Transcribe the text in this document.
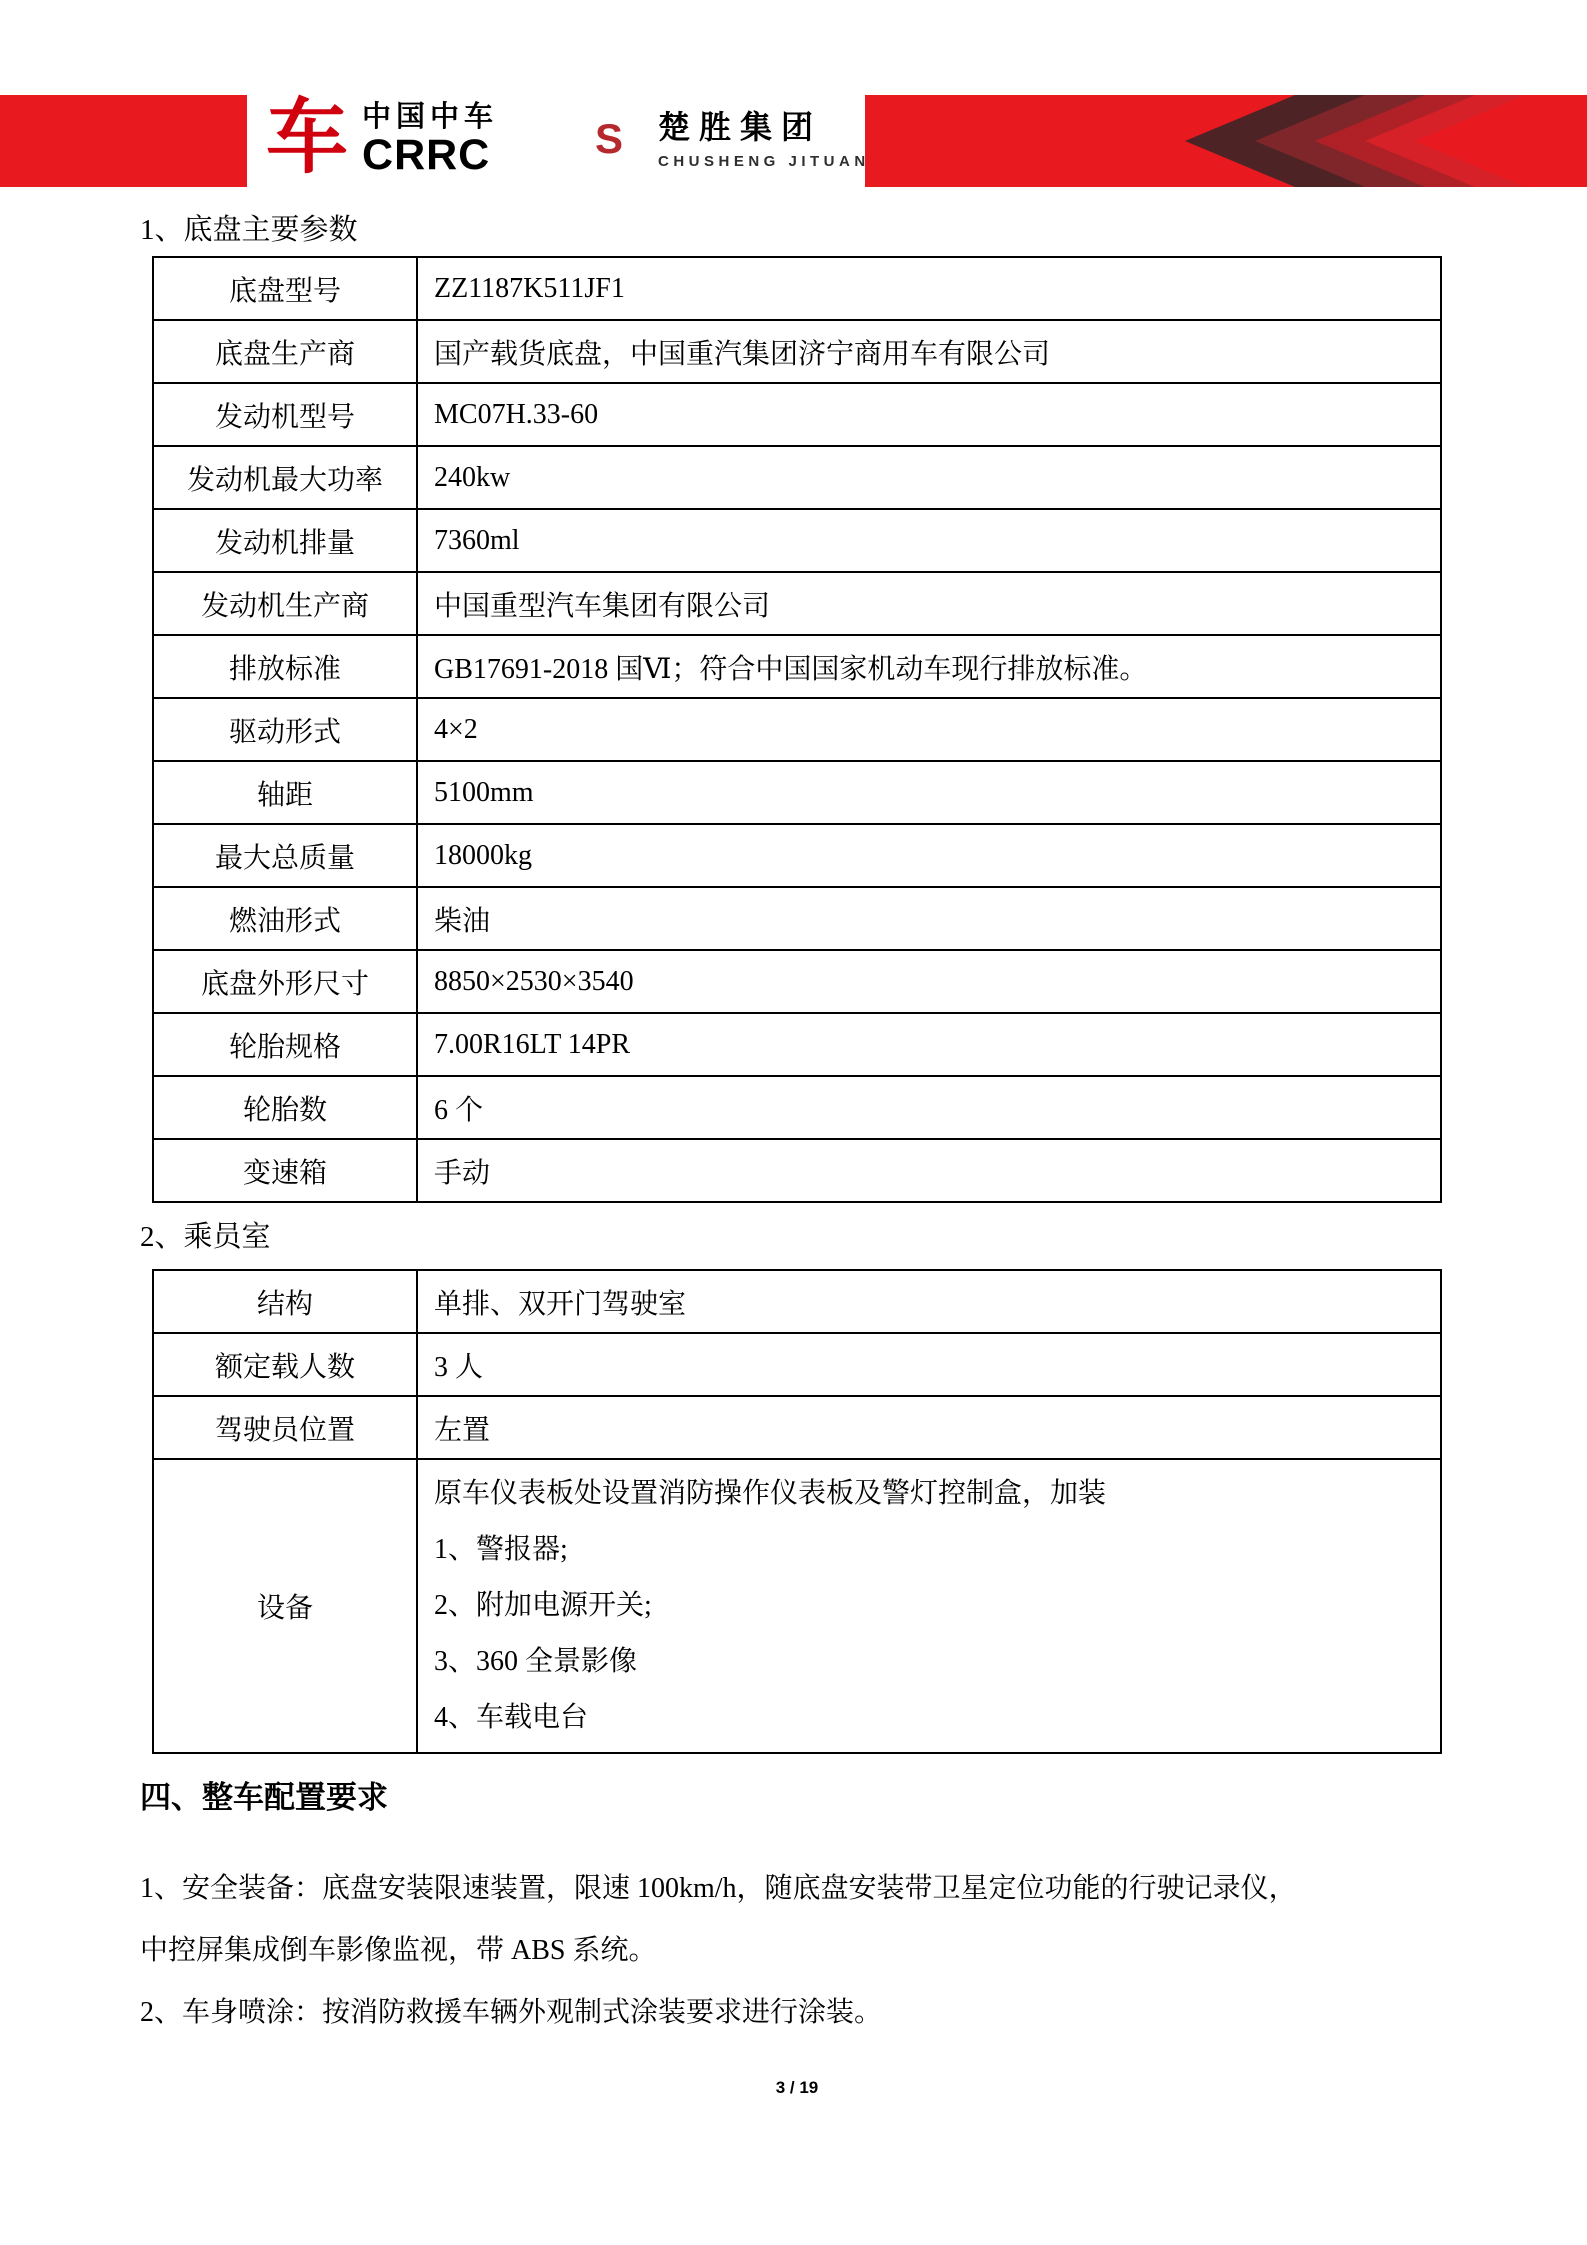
车 中国中车
CRRC S 楚胜集团
CHUSHENG JITUAN
1、底盘主要参数
底盘型号	ZZ1187K511JF1
底盘生产商	国产载货底盘，中国重汽集团济宁商用车有限公司
发动机型号	MC07H.33-60
发动机最大功率	240kw
发动机排量	7360ml
发动机生产商	中国重型汽车集团有限公司
排放标准	GB17691-2018 国Ⅵ；符合中国国家机动车现行排放标准。
驱动形式	4×2
轴距	5100mm
最大总质量	18000kg
燃油形式	柴油
底盘外形尺寸	8850×2530×3540
轮胎规格	7.00R16LT 14PR
轮胎数	6 个
变速箱	手动
2、乘员室
结构	单排、双开门驾驶室
额定载人数	3 人
驾驶员位置	左置
设备	原车仪表板处设置消防操作仪表板及警灯控制盒，加装
1、警报器;
2、附加电源开关;
3、360 全景影像
4、车载电台
四、整车配置要求
1、安全装备：底盘安装限速装置，限速 100km/h，随底盘安装带卫星定位功能的行驶记录仪，
中控屏集成倒车影像监视，带 ABS 系统。
2、车身喷涂：按消防救援车辆外观制式涂装要求进行涂装。
3 / 19
